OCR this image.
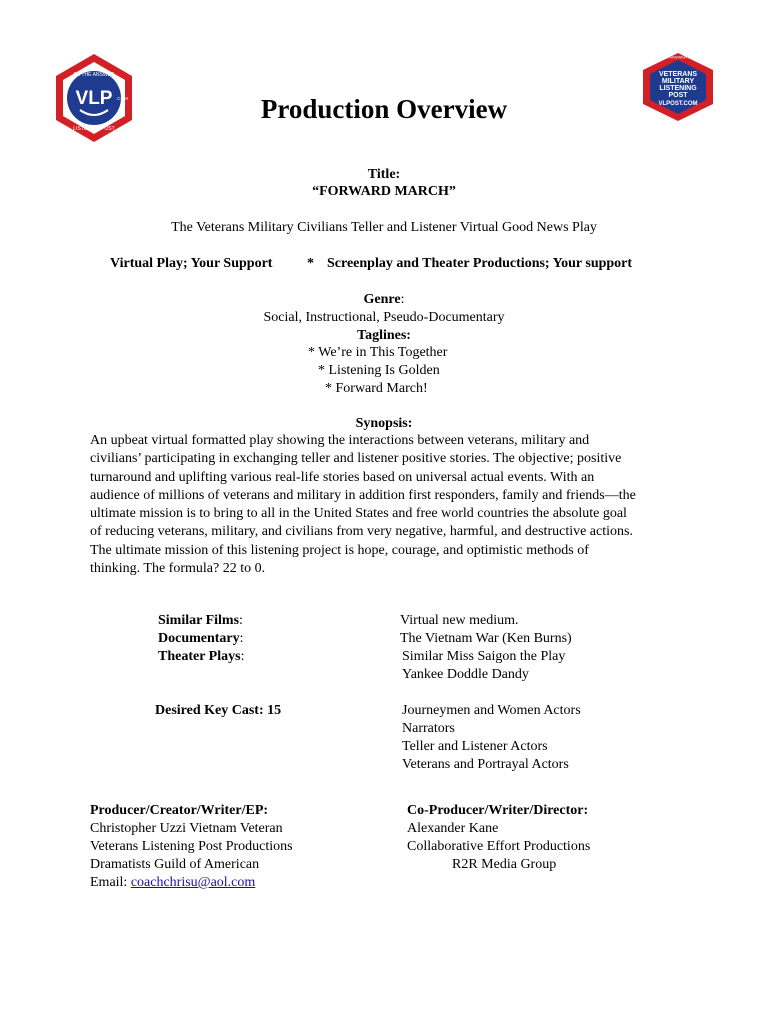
VLP
BE THE ANSWER
LISTENING POST
.COM
BE THE ANSWER LISTEN
VETERANS
MILITARY
LISTENING
POST
VLPOST.COM
Production Overview
Title:
“FORWARD MARCH”
The Veterans Military Civilians Teller and Listener Virtual Good News Play
Virtual Play; Your Support * Screenplay and Theater Productions; Your support
Genre:
Social, Instructional, Pseudo-Documentary
Taglines:
* We’re in This Together
* Listening Is Golden
* Forward March!
Synopsis:
An upbeat virtual formatted play showing the interactions between veterans, military and
civilians’ participating in exchanging teller and listener positive stories. The objective; positive
turnaround and uplifting various real-life stories based on universal actual events. With an
audience of millions of veterans and military in addition first responders, family and friends—the
ultimate mission is to bring to all in the United States and free world countries the absolute goal
of reducing veterans, military, and civilians from very negative, harmful, and destructive actions.
The ultimate mission of this listening project is hope, courage, and optimistic methods of
thinking. The formula? 22 to 0.
Similar Films:
Documentary:
Theater Plays:
Virtual new medium.
The Vietnam War (Ken Burns)
Similar Miss Saigon the Play
Yankee Doddle Dandy
Desired Key Cast: 15	Journeymen and Women Actors
Narrators
Teller and Listener Actors
Veterans and Portrayal Actors
Producer/Creator/Writer/EP:
Christopher Uzzi Vietnam Veteran
Veterans Listening Post Productions
Dramatists Guild of American
Email: coachchrisu@aol.com
Co-Producer/Writer/Director:
Alexander Kane
Collaborative Effort Productions
R2R Media Group
